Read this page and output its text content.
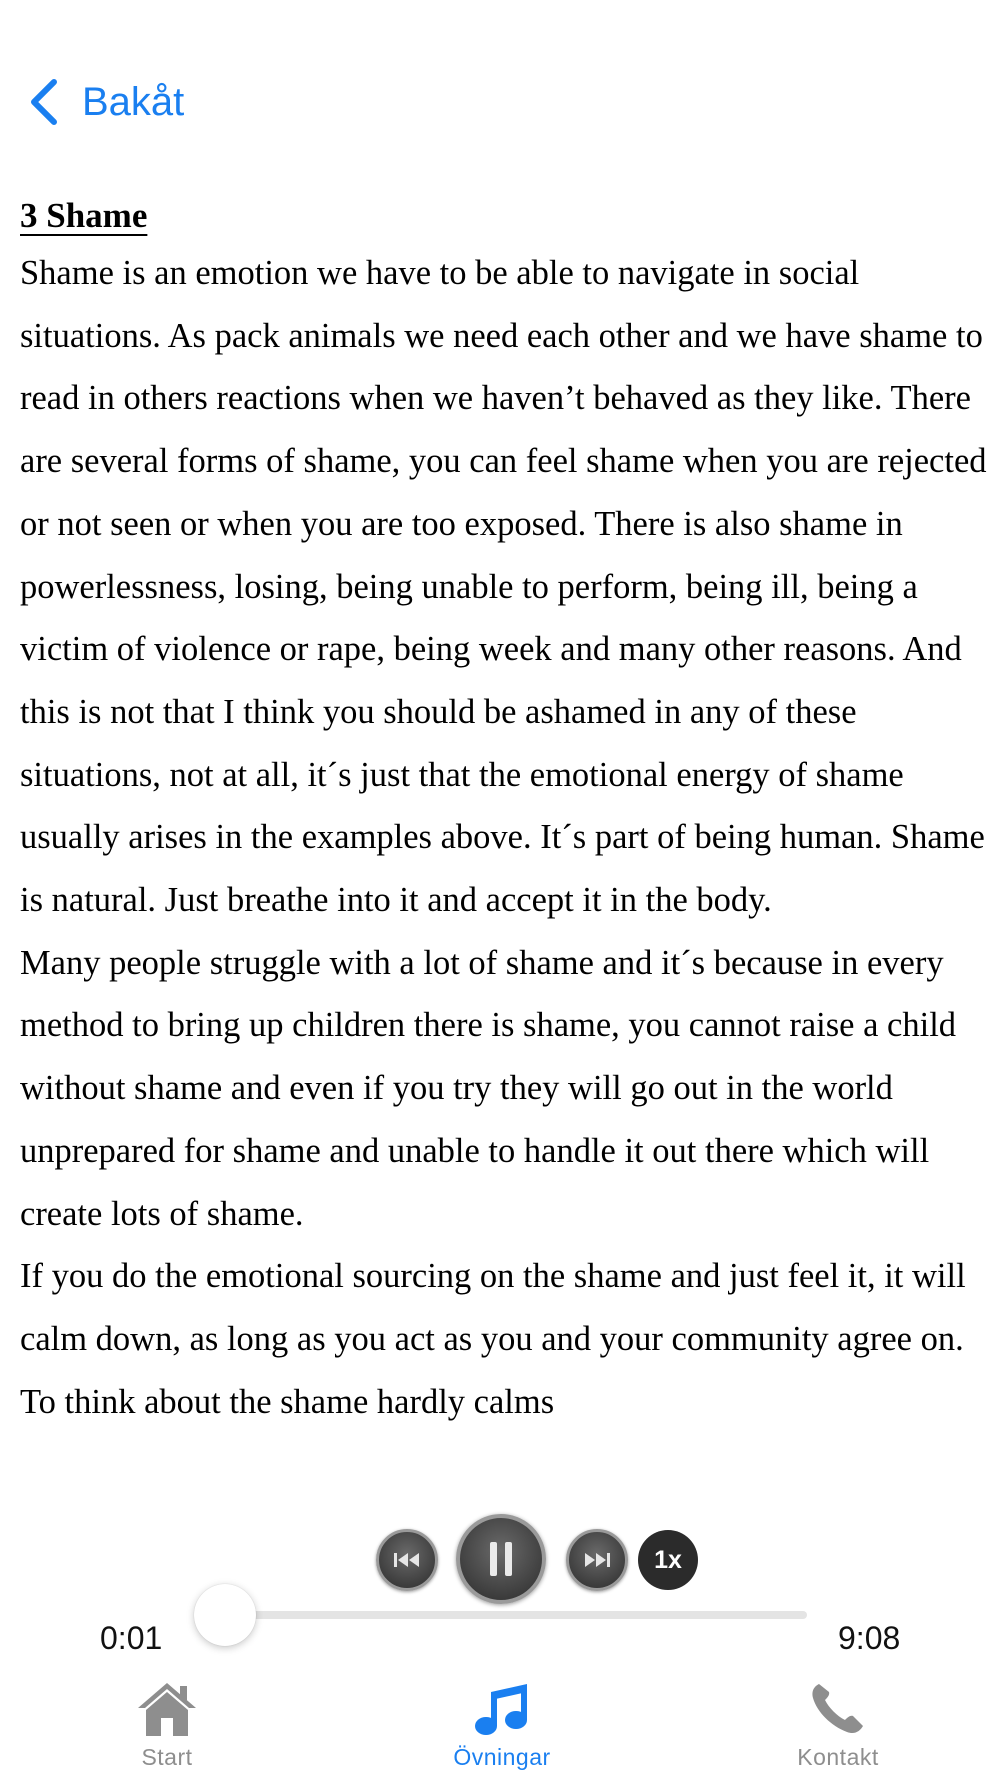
Bakåt
3 Shame

Shame is an emotion we have to be able to navigate in social situations. As pack animals we need each other and we have shame to read in others reactions when we haven’t behaved as they like. There are several forms of shame, you can feel shame when you are rejected or not seen or when you are too exposed. There is also shame in powerlessness, losing, being unable to perform, being ill, being a victim of violence or rape, being week and many other reasons. And this is not that I think you should be ashamed in any of these situations, not at all, it´s just that the emotional energy of shame usually arises in the examples above. It´s part of being human. Shame is natural. Just breathe into it and accept it in the body.

Many people struggle with a lot of shame and it´s because in every method to bring up children there is shame, you cannot raise a child without shame and even if you try they will go out in the world unprepared for shame and unable to handle it out there which will create lots of shame.

If you do the emotional sourcing on the shame and just feel it, it will calm down, as long as you act as you and your community agree on. To think about the shame hardly calms

1x
0:01	9:08
Start	Övningar	Kontakt
